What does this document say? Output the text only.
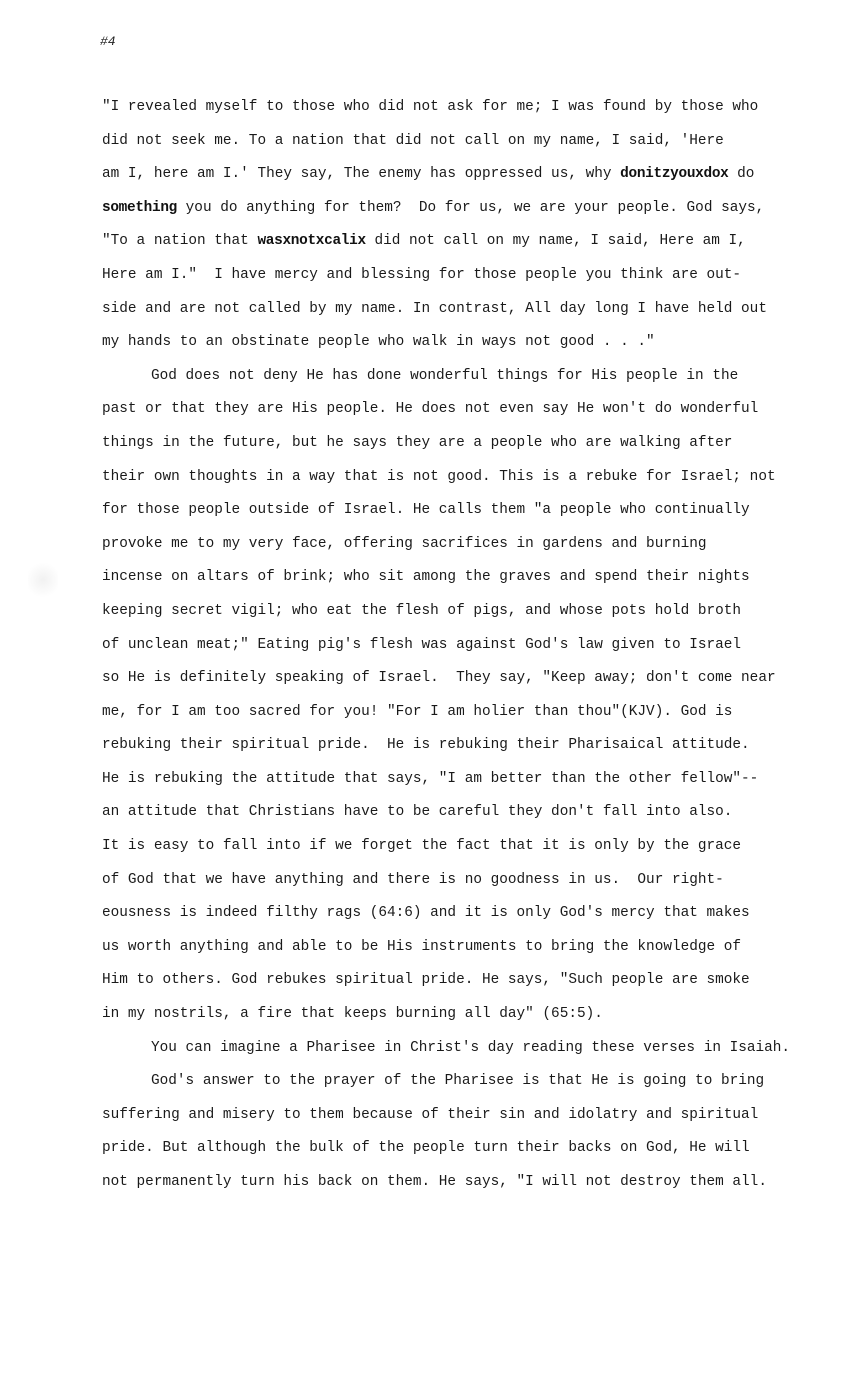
#4
"I revealed myself to those who did not ask for me; I was found by those who
did not seek me. To a nation that did not call on my name, I said, 'Here
am I, here am I.' They say, The enemy has oppressed us, why donitzyouxdox do
something you do anything for them?  Do for us, we are your people. God says,
"To a nation that wasxnotxcalix did not call on my name, I said, Here am I,
Here am I."  I have mercy and blessing for those people you think are out-
side and are not called by my name. In contrast, All day long I have held out
my hands to an obstinate people who walk in ways not good . . ."
God does not deny He has done wonderful things for His people in the
past or that they are His people. He does not even say He won't do wonderful
things in the future, but he says they are a people who are walking after
their own thoughts in a way that is not good. This is a rebuke for Israel; not
for those people outside of Israel. He calls them "a people who continually
provoke me to my very face, offering sacrifices in gardens and burning
incense on altars of brink; who sit among the graves and spend their nights
keeping secret vigil; who eat the flesh of pigs, and whose pots hold broth
of unclean meat;" Eating pig's flesh was against God's law given to Israel
so He is definitely speaking of Israel.  They say, "Keep away; don't come near
me, for I am too sacred for you! "For I am holier than thou"(KJV). God is
rebuking their spiritual pride.  He is rebuking their Pharisaical attitude.
He is rebuking the attitude that says, "I am better than the other fellow"--
an attitude that Christians have to be careful they don't fall into also.
It is easy to fall into if we forget the fact that it is only by the grace
of God that we have anything and there is no goodness in us.  Our right-
eousness is indeed filthy rags (64:6) and it is only God's mercy that makes
us worth anything and able to be His instruments to bring the knowledge of
Him to others. God rebukes spiritual pride. He says, "Such people are smoke
in my nostrils, a fire that keeps burning all day" (65:5).
You can imagine a Pharisee in Christ's day reading these verses in Isaiah.
God's answer to the prayer of the Pharisee is that He is going to bring
suffering and misery to them because of their sin and idolatry and spiritual
pride. But although the bulk of the people turn their backs on God, He will
not permanently turn his back on them. He says, "I will not destroy them all.
